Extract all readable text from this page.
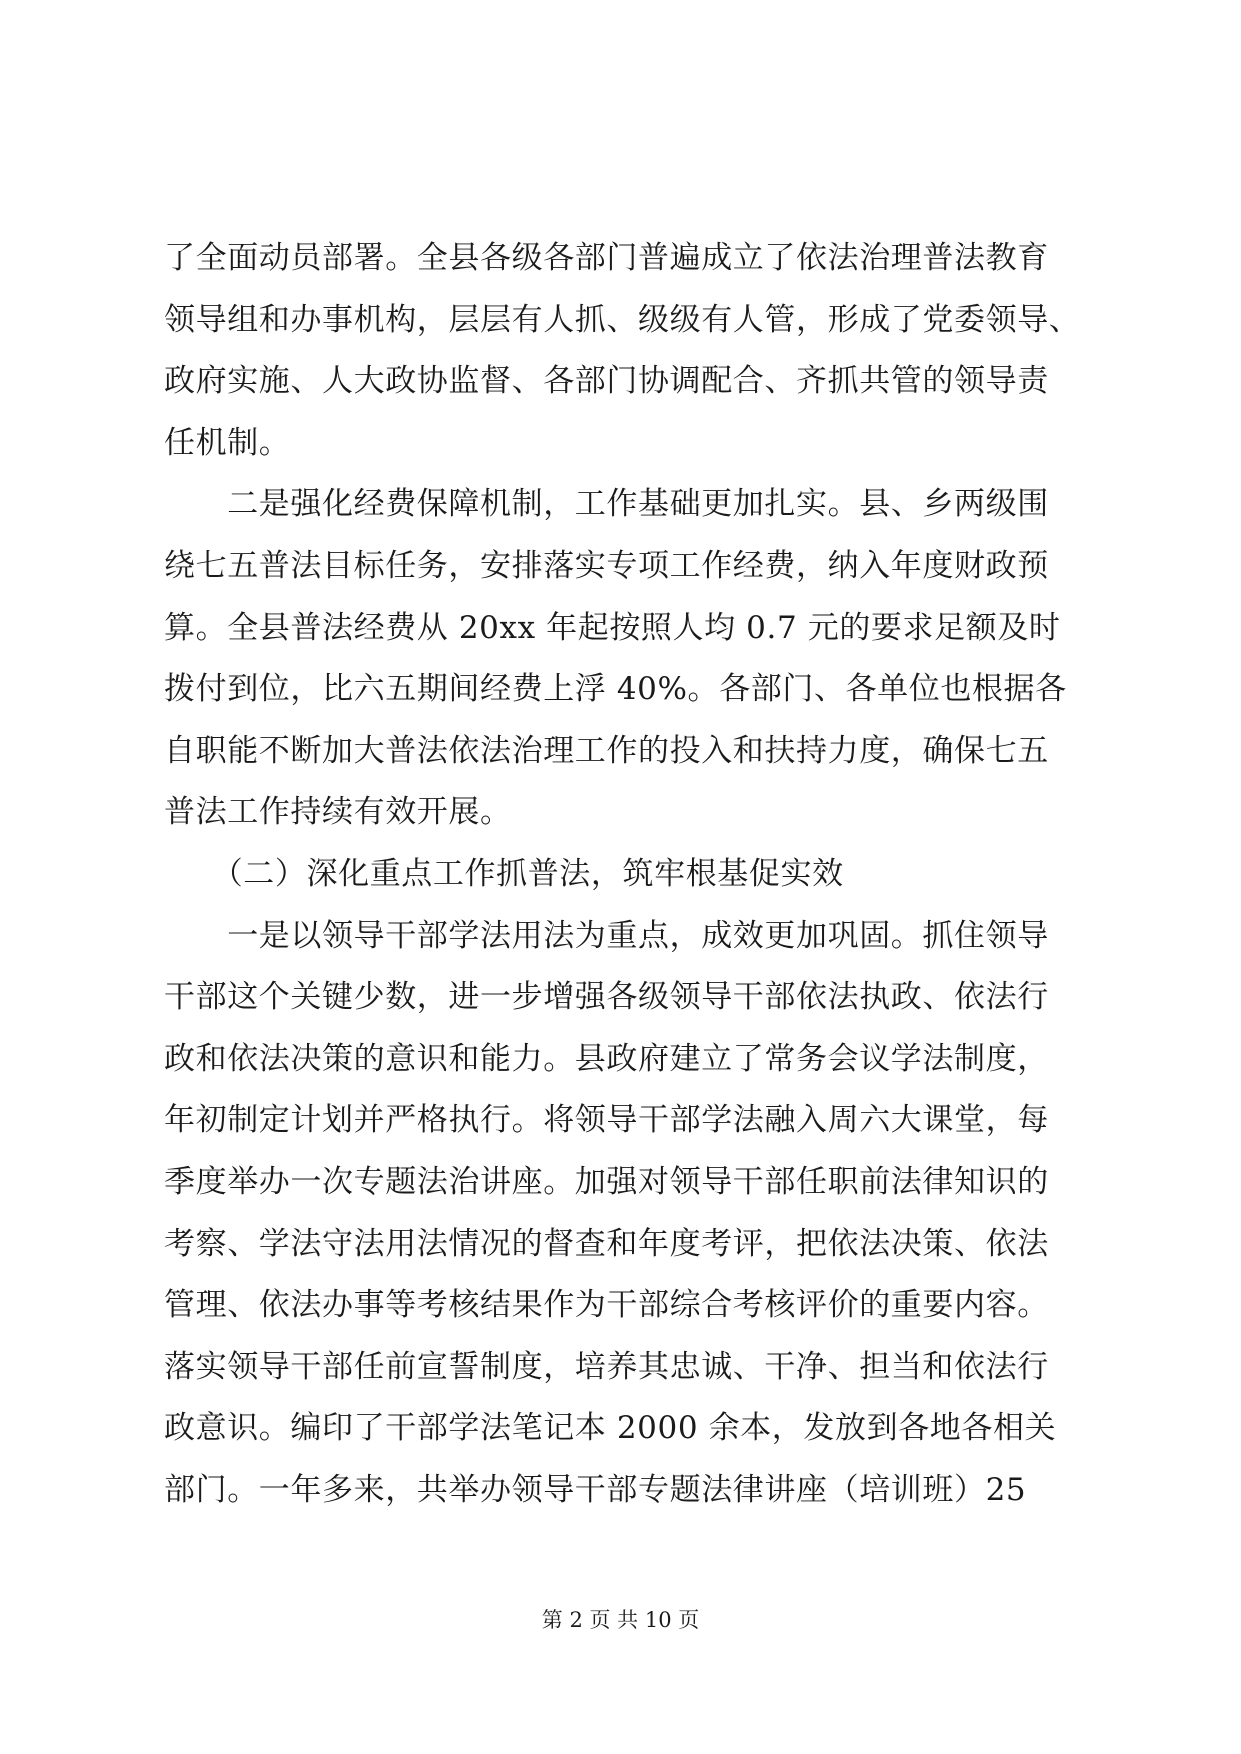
了全面动员部署。全县各级各部门普遍成立了依法治理普法教育
领导组和办事机构，层层有人抓、级级有人管，形成了党委领导、
政府实施、人大政协监督、各部门协调配合、齐抓共管的领导责
任机制。
　　二是强化经费保障机制，工作基础更加扎实。县、乡两级围
绕七五普法目标任务，安排落实专项工作经费，纳入年度财政预
算。全县普法经费从 20xx 年起按照人均 0.7 元的要求足额及时
拨付到位，比六五期间经费上浮 40%。各部门、各单位也根据各
自职能不断加大普法依法治理工作的投入和扶持力度，确保七五
普法工作持续有效开展。
　　（二）深化重点工作抓普法，筑牢根基促实效
　　一是以领导干部学法用法为重点，成效更加巩固。抓住领导
干部这个关键少数，进一步增强各级领导干部依法执政、依法行
政和依法决策的意识和能力。县政府建立了常务会议学法制度，
年初制定计划并严格执行。将领导干部学法融入周六大课堂，每
季度举办一次专题法治讲座。加强对领导干部任职前法律知识的
考察、学法守法用法情况的督查和年度考评，把依法决策、依法
管理、依法办事等考核结果作为干部综合考核评价的重要内容。
落实领导干部任前宣誓制度，培养其忠诚、干净、担当和依法行
政意识。编印了干部学法笔记本 2000 余本，发放到各地各相关
部门。一年多来，共举办领导干部专题法律讲座（培训班）25
第 2 页 共 10 页
